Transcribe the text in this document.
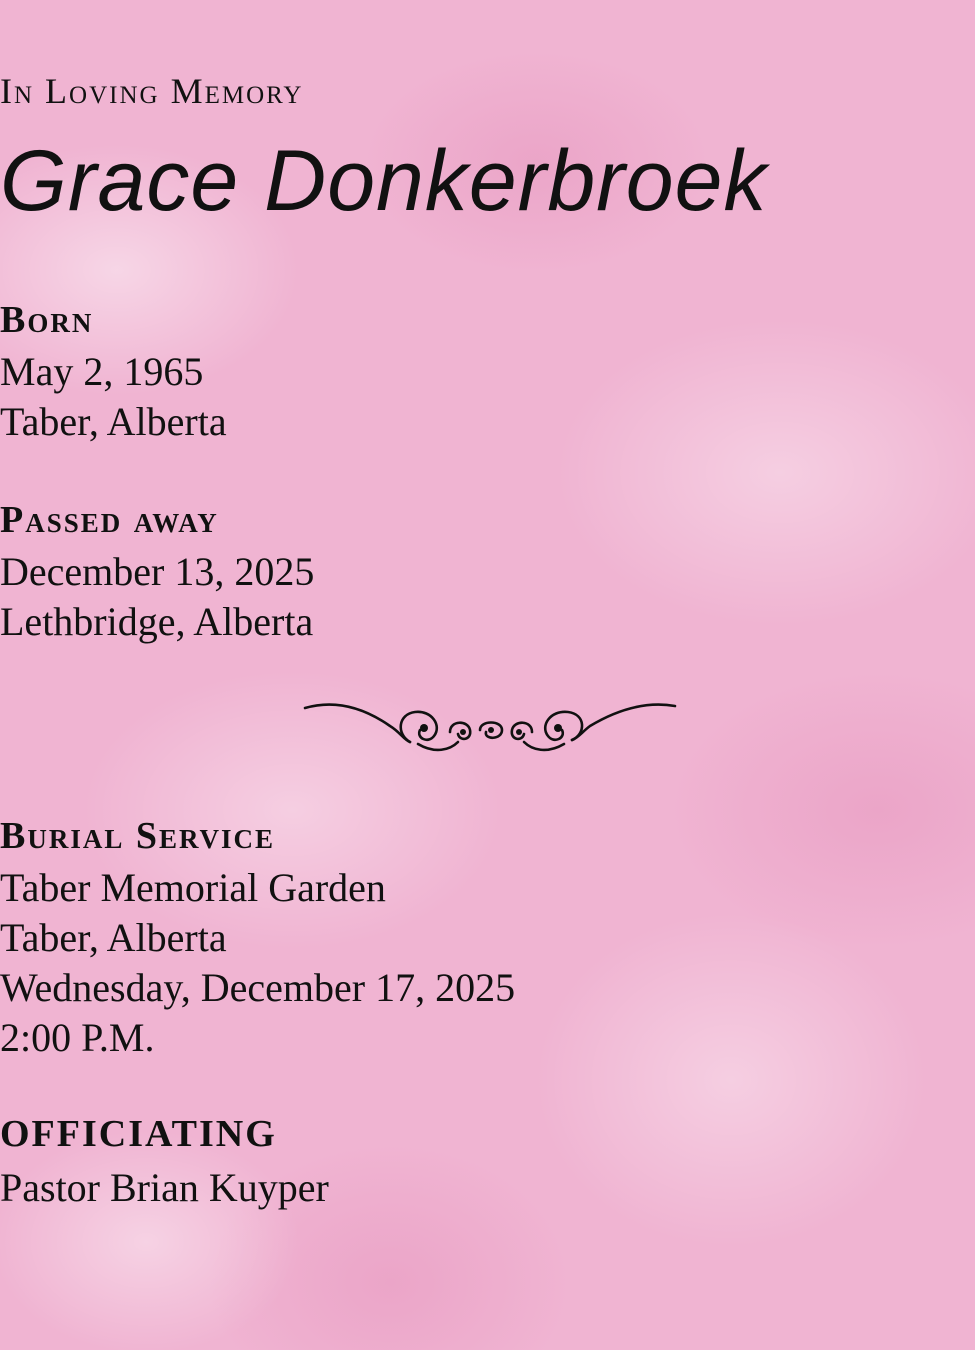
In Loving Memory
Grace Donkerbroek
Born
May 2, 1965
Taber, Alberta
Passed away
December 13, 2025
Lethbridge, Alberta
Burial Service
Taber Memorial Garden
Taber, Alberta
Wednesday, December 17, 2025
2:00 P.M.
OFFICIATING
Pastor Brian Kuyper
